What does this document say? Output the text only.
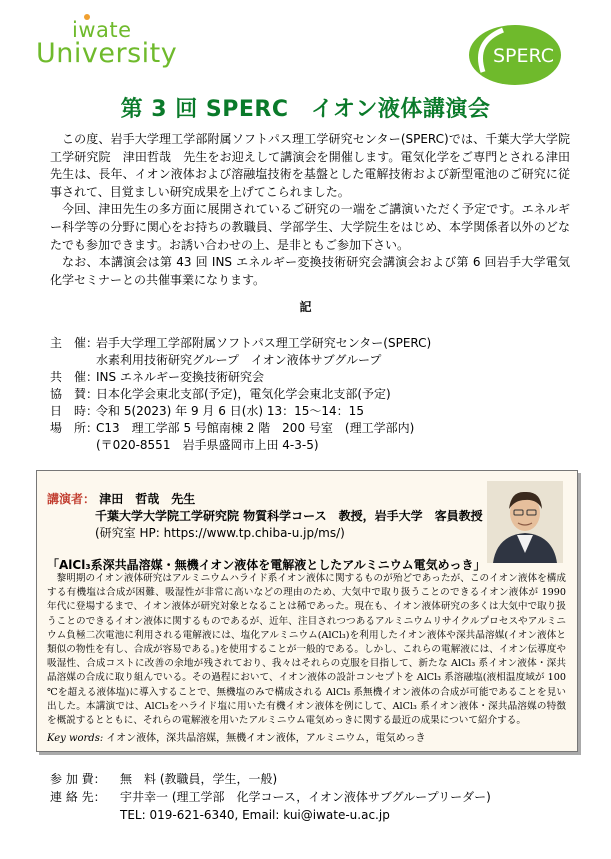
iwate
University	SPERC
第 3 回 SPERC　イオン液体講演会

この度、岩手大学理工学部附属ソフトパス理工学研究センター(SPERC)では、千葉大学大学院工学研究院　津田哲哉　先生をお迎えして講演会を開催します。電気化学をご専門とされる津田先生は、長年、イオン液体および溶融塩技術を基盤とした電解技術および新型電池のご研究に従事されて、目覚ましい研究成果を上げてこられました。

今回、津田先生の多方面に展開されているご研究の一端をご講演いただく予定です。エネルギー科学等の分野に関心をお持ちの教職員、学部学生、大学院生をはじめ、本学関係者以外のどなたでも参加できます。お誘い合わせの上、是非ともご参加下さい。

なお、本講演会は第 43 回 INS エネルギー変換技術研究会講演会および第 6 回岩手大学電気化学セミナーとの共催事業になります。

記
主　催：
岩手大学理工学部附属ソフトパス理工学研究センター(SPERC)
水素利用技術研究グループ　イオン液体サブグループ
共　催：
INS エネルギー変換技術研究会
協　賛：
日本化学会東北支部(予定)，電気化学会東北支部(予定)
日　時：
令和 5(2023) 年 9 月 6 日(水) 13：15～14：15
場　所：
C13　理工学部 5 号館南棟 2 階　200 号室　(理工学部内)
(〒020-8551　岩手県盛岡市上田 4-3-5)
講演者： 津田　哲哉　先生
千葉大学大学院工学研究院 物質科学コース　教授，岩手大学　客員教授
(研究室 HP: https://www.tp.chiba-u.jp/ms/)
「AlCl₃系深共晶溶媒・無機イオン液体を電解液としたアルミニウム電気めっき」

黎明期のイオン液体研究はアルミニウムハライド系イオン液体に関するものが殆どであったが、このイオン液体を構成する有機塩は合成が困難、吸湿性が非常に高いなどの理由のため、大気中で取り扱うことのできるイオン液体が 1990 年代に登場するまで、イオン液体が研究対象となることは稀であった。現在も、イオン液体研究の多くは大気中で取り扱うことのできるイオン液体に関するものであるが、近年、注目されつつあるアルミニウムリサイクルプロセスやアルミニウム負極二次電池に利用される電解液には、塩化アルミニウム(AlCl₃)を利用したイオン液体や深共晶溶媒(イオン液体と類似の物性を有し、合成が容易である。)を使用することが一般的である。しかし、これらの電解液には、イオン伝導度や吸湿性、合成コストに改善の余地が残されており、我々はそれらの克服を目指して、新たな AlCl₃ 系イオン液体・深共晶溶媒の合成に取り組んでいる。その過程において、イオン液体の設計コンセプトを AlCl₃ 系溶融塩(液相温度域が 100 ℃を超える液体塩)に導入することで、無機塩のみで構成される AlCl₃ 系無機イオン液体の合成が可能であることを見い出した。本講演では、AlCl₃をハライド塩に用いた有機イオン液体を例にして、AlCl₃ 系イオン液体・深共晶溶媒の特徴を概説するとともに、それらの電解液を用いたアルミニウム電気めっきに関する最近の成果について紹介する。

Key words: イオン液体，深共晶溶媒，無機イオン液体，アルミニウム，電気めっき
参 加 費：	無　料 (教職員，学生，一般)
連 絡 先：	宇井幸一 (理工学部　化学コース，イオン液体サブグループリーダー)
TEL: 019-621-6340, Email: kui@iwate-u.ac.jp
